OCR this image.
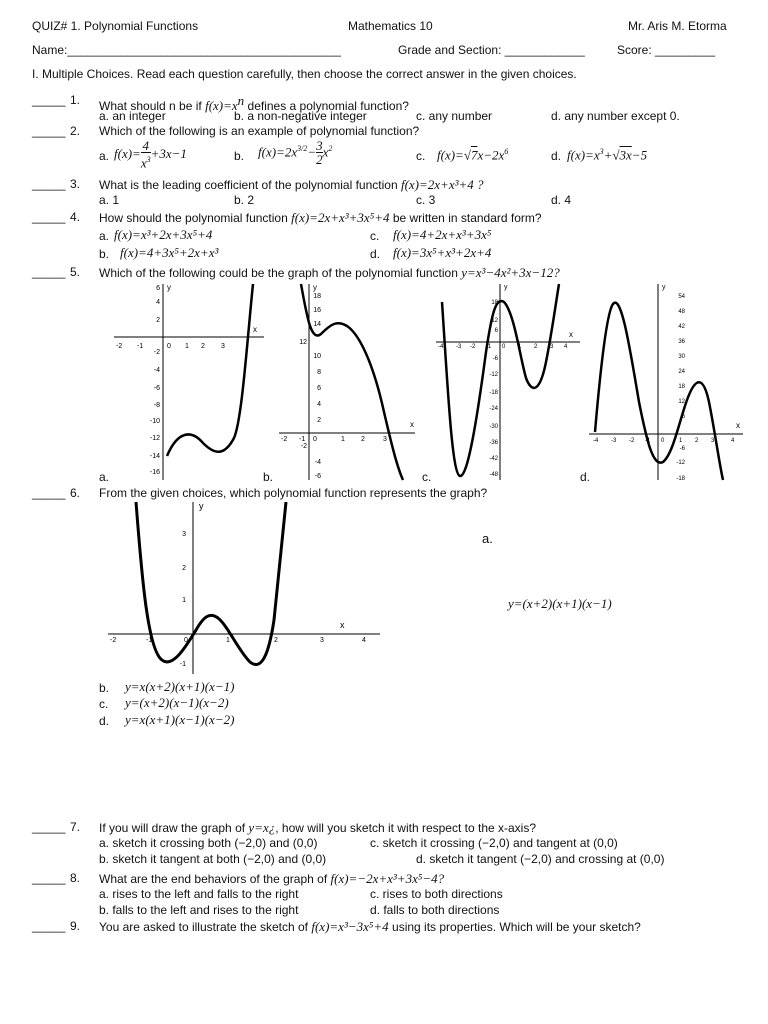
QUIZ# 1. Polynomial Functions	Mathematics 10	Mr. Aris M. Etorma
Name:_________________________________________	Grade and Section: ____________	Score: _________
I. Multiple Choices. Read each question carefully, then choose the correct answer in the given choices.
_____ 1. What should n be if $f(x)=x^n$ defines a polynomial function?
a. an integer	b. a non-negative integer	c. any number	d. any number except 0.
_____ 2. Which of the following is an example of polynomial function?
a. $f(x)= \frac{4}{x^3} +3x-1$	b. $f(x)=2x^{3/2}- \frac{3}{2} x^2$
c. $f(x)=√7x-2x^6$	d. $f(x)=x^3+√3x-5$
_____ 3. What is the leading coefficient of the polynomial function f(x)=2x+x³+4 ?
a. 1	b. 2	c. 3	d. 4
_____ 4. How should the polynomial function f(x)=2x+x³+3x⁵+4 be written in standard form?
a. f(x)=x³+2x+3x⁵+4	c. f(x)=4+2x+x³+3x⁵
b. f(x)=4+3x⁵+2x+x³	d. f(x)=3x⁵+x³+2x+4
_____ 5. Which of the following could be the graph of the polynomial function y=x³−4x²+3x−12?
y
x
6
4
2
-2
-4
-6
-8
-10
-12
-14
-16
-2 -1	0 1 2 3
a.
y
x
18
16
14
12
10
8
6
4
2
-2
-4
-6
-2 -1 0	1 2	3
b.
y
x
18
12
6
-6
-12
-18
-24
-30
-36
-42
-48
-4 -3 -2 -1 0 1 2 3 4
c.
y
x
54
48
42
36
30
24
18
12
6
-6
-12
-18
-4 -3 -2 -1 0 1 2 3	4
d.
_____ 6. From the given choices, which polynomial function represents the graph?
y
x
3
2
1
-1
-2	-1	0	1	2	3	4
a.
y=(x+2)(x+1)(x−1)
b. y=x(x+2)(x+1)(x−1)
c. y=(x+2)(x−1)(x−2)
d. y=x(x+1)(x−1)(x−2)
_____ 7. If you will draw the graph of y=x¿, how will you sketch it with respect to the x-axis?
a. sketch it crossing both (−2,0) and (0,0)	c. sketch it crossing (−2,0) and tangent at (0,0)
b. sketch it tangent at both (−2,0) and (0,0)	d. sketch it tangent (−2,0) and crossing at (0,0)
_____ 8. What are the end behaviors of the graph of f(x)=−2x+x³+3x⁵−4?
a. rises to the left and falls to the right	c. rises to both directions
b. falls to the left and rises to the right	d. falls to both directions
_____ 9. You are asked to illustrate the sketch of f(x)=x³−3x⁵+4 using its properties. Which will be your sketch?
